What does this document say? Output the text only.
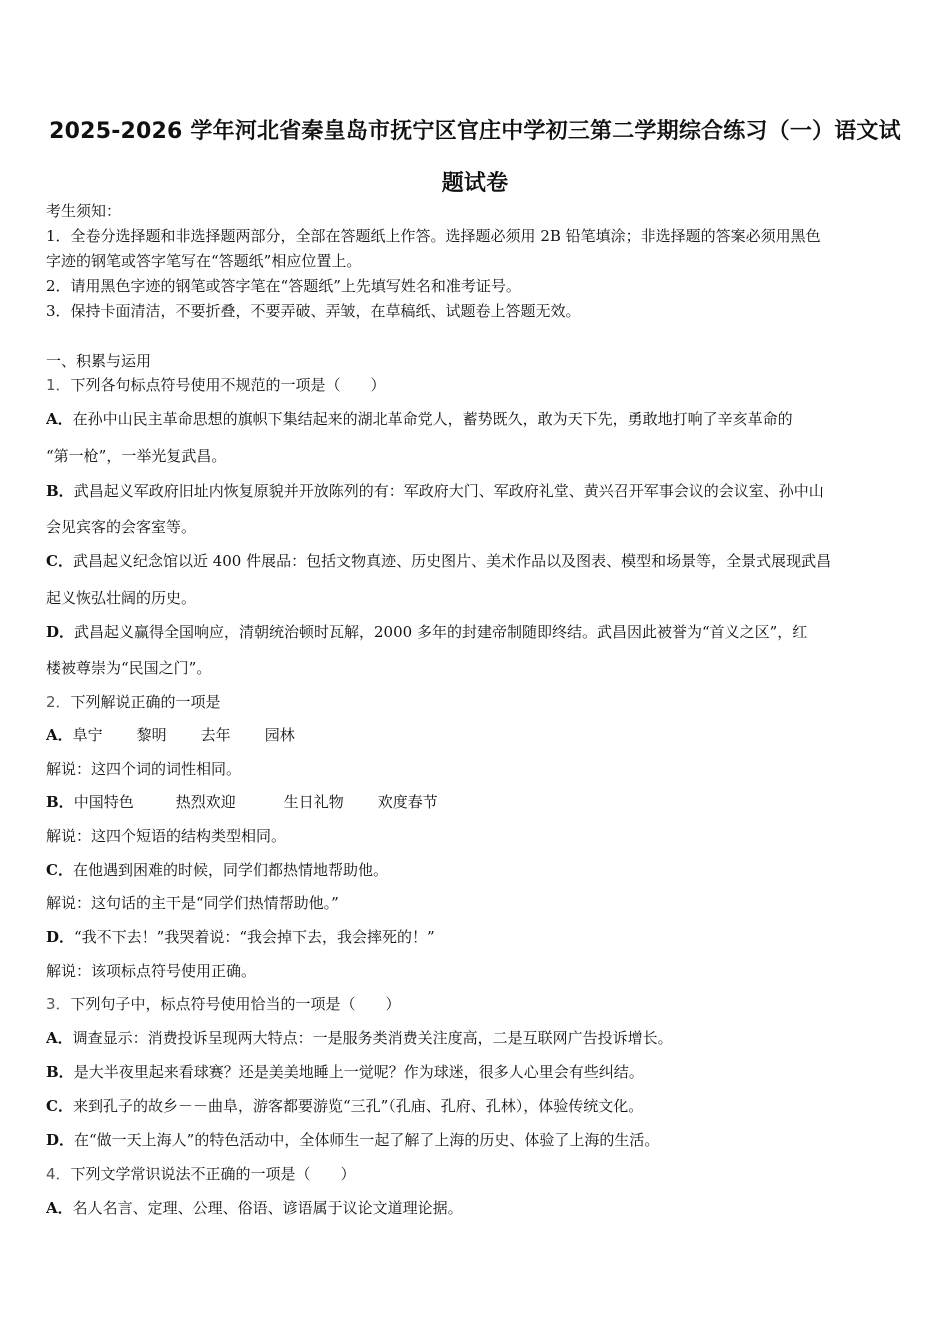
2025-2026 学年河北省秦皇岛市抚宁区官庄中学初三第二学期综合练习（一）语文试
题试卷
考生须知：
1．全卷分选择题和非选择题两部分，全部在答题纸上作答。选择题必须用 2B 铅笔填涂；非选择题的答案必须用黑色
字迹的钢笔或答字笔写在“答题纸”相应位置上。
2．请用黑色字迹的钢笔或答字笔在“答题纸”上先填写姓名和准考证号。
3．保持卡面清洁，不要折叠，不要弄破、弄皱，在草稿纸、试题卷上答题无效。
一、积累与运用
1．下列各句标点符号使用不规范的一项是（　　）
A．在孙中山民主革命思想的旗帜下集结起来的湖北革命党人，蓄势既久，敢为天下先，勇敢地打响了辛亥革命的
“第一枪”，一举光复武昌。
B．武昌起义军政府旧址内恢复原貌并开放陈列的有：军政府大门、军政府礼堂、黄兴召开军事会议的会议室、孙中山
会见宾客的会客室等。
C．武昌起义纪念馆以近 400 件展品：包括文物真迹、历史图片、美术作品以及图表、模型和场景等，全景式展现武昌
起义恢弘壮阔的历史。
D．武昌起义赢得全国响应，清朝统治顿时瓦解，2000 多年的封建帝制随即终结。武昌因此被誉为“首义之区”，红
楼被尊崇为“民国之门”。
2．下列解说正确的一项是
A．阜宁 黎明 去年 园林
解说：这四个词的词性相同。
B．中国特色	热烈欢迎	生日礼物 欢度春节
解说：这四个短语的结构类型相同。
C．在他遇到困难的时候，同学们都热情地帮助他。
解说：这句话的主干是“同学们热情帮助他。”
D．“我不下去！”我哭着说：“我会掉下去，我会摔死的！”
解说：该项标点符号使用正确。
3．下列句子中，标点符号使用恰当的一项是（　　）
A．调查显示：消费投诉呈现两大特点：一是服务类消费关注度高，二是互联网广告投诉增长。
B．是大半夜里起来看球赛？还是美美地睡上一觉呢？作为球迷，很多人心里会有些纠结。
C．来到孔子的故乡－－曲阜，游客都要游览“三孔”（孔庙、孔府、孔林），体验传统文化。
D．在“做一天上海人”的特色活动中，全体师生一起了解了上海的历史、体验了上海的生活。
4．下列文学常识说法不正确的一项是（　　）
A．名人名言、定理、公理、俗语、谚语属于议论文道理论据。
